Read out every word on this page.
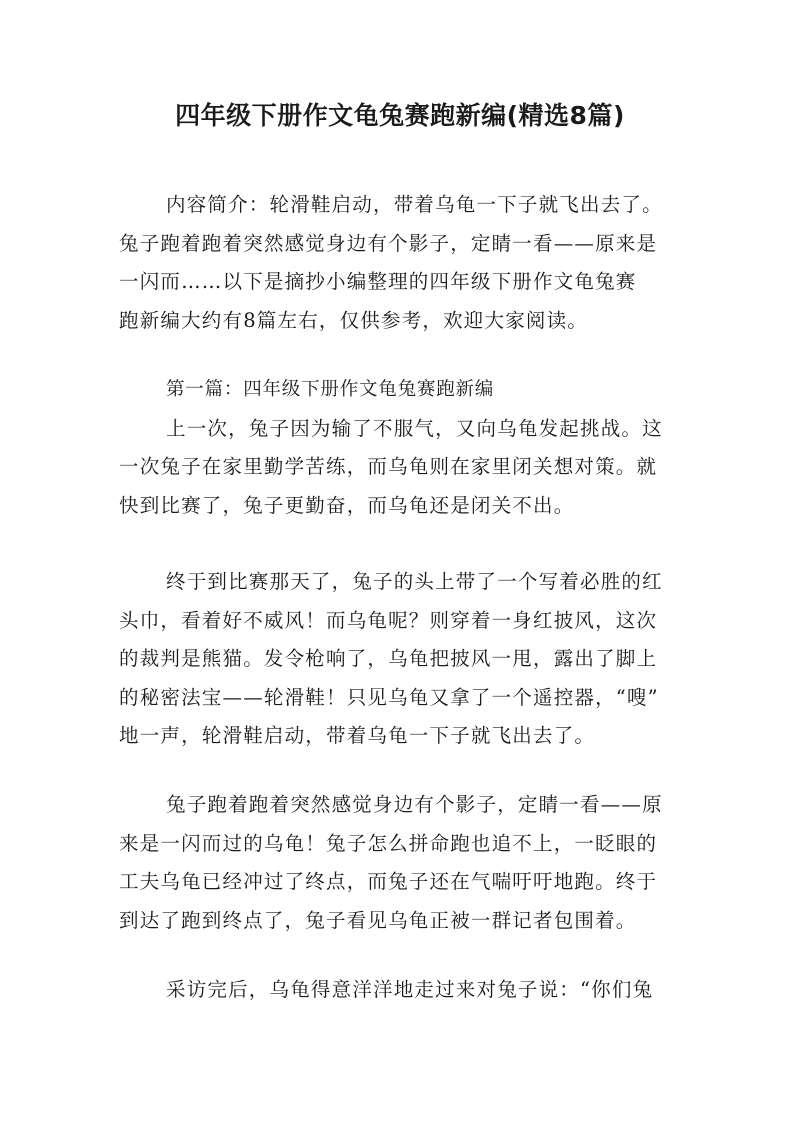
四年级下册作文龟兔赛跑新编(精选8篇)
内容简介：轮滑鞋启动，带着乌龟一下子就飞出去了。
兔子跑着跑着突然感觉身边有个影子，定睛一看——原来是
一闪而……以下是摘抄小编整理的四年级下册作文龟兔赛
跑新编大约有8篇左右，仅供参考，欢迎大家阅读。
第一篇：四年级下册作文龟兔赛跑新编
上一次，兔子因为输了不服气，又向乌龟发起挑战。这
一次兔子在家里勤学苦练，而乌龟则在家里闭关想对策。就
快到比赛了，兔子更勤奋，而乌龟还是闭关不出。
终于到比赛那天了，兔子的头上带了一个写着必胜的红
头巾，看着好不威风！而乌龟呢？则穿着一身红披风，这次
的裁判是熊猫。发令枪响了，乌龟把披风一甩，露出了脚上
的秘密法宝——轮滑鞋！只见乌龟又拿了一个遥控器，“嗖”
地一声，轮滑鞋启动，带着乌龟一下子就飞出去了。
兔子跑着跑着突然感觉身边有个影子，定睛一看——原
来是一闪而过的乌龟！兔子怎么拼命跑也追不上，一眨眼的
工夫乌龟已经冲过了终点，而兔子还在气喘吁吁地跑。终于
到达了跑到终点了，兔子看见乌龟正被一群记者包围着。
采访完后，乌龟得意洋洋地走过来对兔子说：“你们兔
